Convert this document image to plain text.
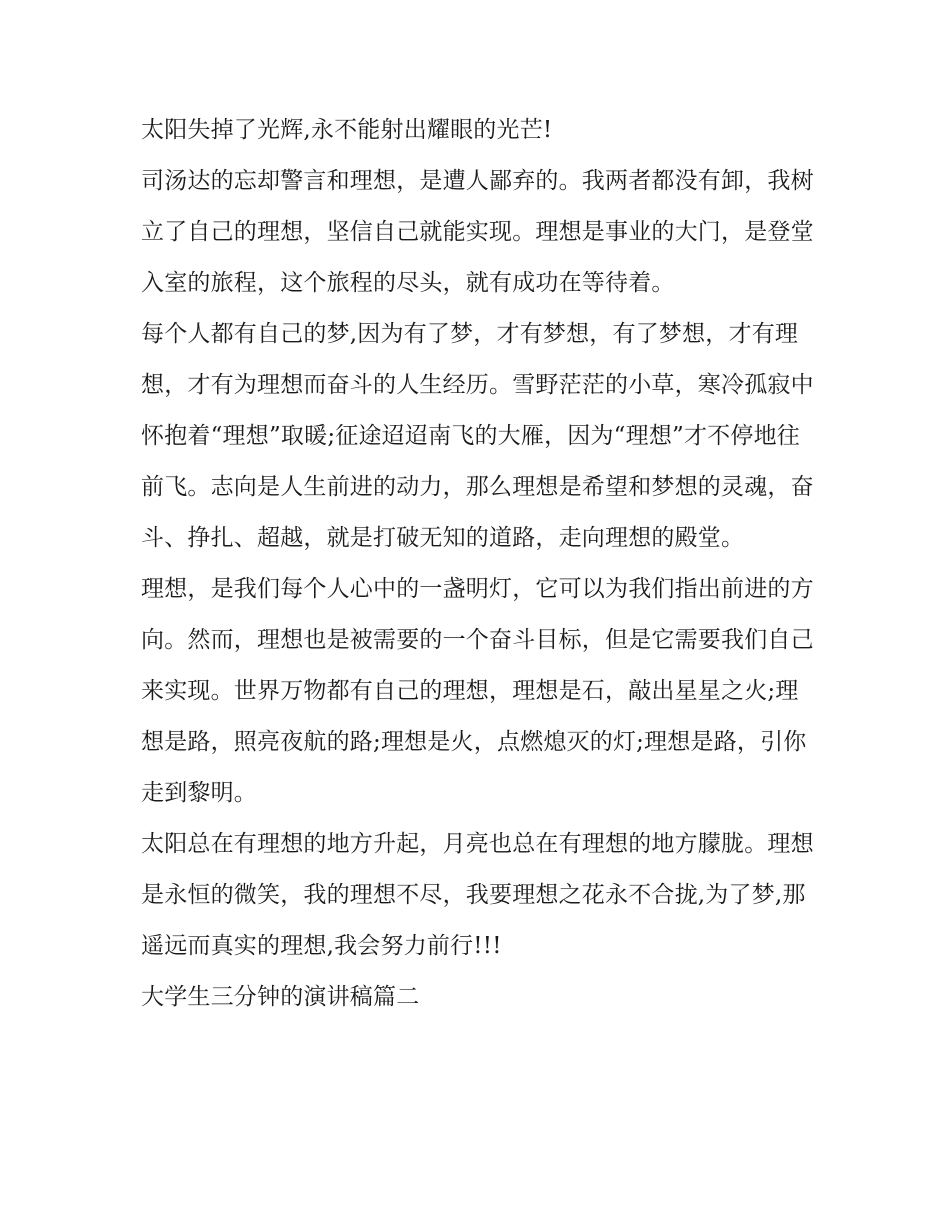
太阳失掉了光辉,永不能射出耀眼的光芒!

司汤达的忘却警言和理想，是遭人鄙弃的。我两者都没有卸，我树立了自己的理想，坚信自己就能实现。理想是事业的大门，是登堂入室的旅程，这个旅程的尽头，就有成功在等待着。

每个人都有自己的梦,因为有了梦，才有梦想，有了梦想，才有理想，才有为理想而奋斗的人生经历。雪野茫茫的小草，寒冷孤寂中怀抱着“理想”取暖;征途迢迢南飞的大雁，因为“理想”才不停地往前飞。志向是人生前进的动力，那么理想是希望和梦想的灵魂，奋斗、挣扎、超越，就是打破无知的道路，走向理想的殿堂。

理想，是我们每个人心中的一盏明灯，它可以为我们指出前进的方向。然而，理想也是被需要的一个奋斗目标，但是它需要我们自己来实现。世界万物都有自己的理想，理想是石，敲出星星之火;理想是路，照亮夜航的路;理想是火，点燃熄灭的灯;理想是路，引你走到黎明。

太阳总在有理想的地方升起，月亮也总在有理想的地方朦胧。理想是永恒的微笑，我的理想不尽，我要理想之花永不合拢,为了梦,那遥远而真实的理想,我会努力前行!!!

大学生三分钟的演讲稿篇二
